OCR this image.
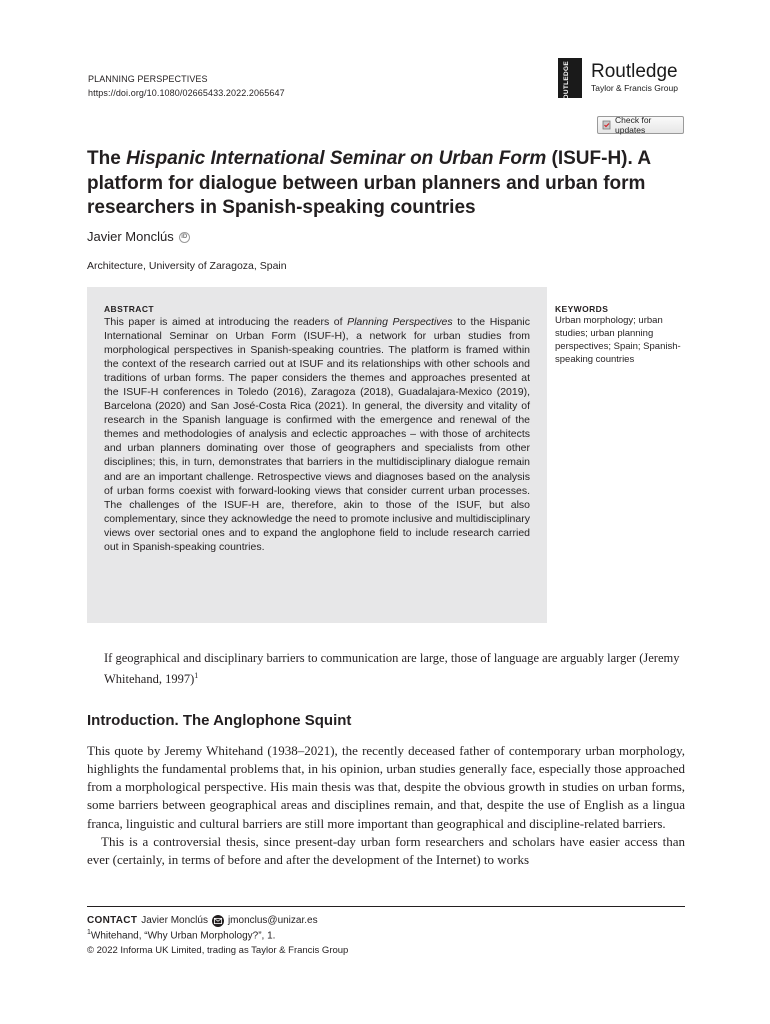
PLANNING PERSPECTIVES
https://doi.org/10.1080/02665433.2022.2065647	ROUTLEDGE Routledge
Taylor & Francis Group
Check for updates
The Hispanic International Seminar on Urban Form (ISUF-H). A platform for dialogue between urban planners and urban form researchers in Spanish-speaking countries
Javier Monclús	iD
Architecture, University of Zaragoza, Spain
ABSTRACT

This paper is aimed at introducing the readers of Planning Perspectives to the Hispanic International Seminar on Urban Form (ISUF-H), a network for urban studies from morphological perspectives in Spanish-speaking countries. The platform is framed within the context of the research carried out at ISUF and its relationships with other schools and traditions of urban forms. The paper considers the themes and approaches presented at the ISUF-H conferences in Toledo (2016), Zaragoza (2018), Guadalajara-Mexico (2019), Barcelona (2020) and San José-Costa Rica (2021). In general, the diversity and vitality of research in the Spanish language is confirmed with the emergence and renewal of the themes and methodologies of analysis and eclectic approaches – with those of architects and urban planners dominating over those of geographers and specialists from other disciplines; this, in turn, demonstrates that barriers in the multidisciplinary dialogue remain and are an important challenge. Retrospective views and diagnoses based on the analysis of urban forms coexist with forward-looking views that consider current urban processes. The challenges of the ISUF-H are, therefore, akin to those of the ISUF, but also complementary, since they acknowledge the need to promote inclusive and multidisciplinary views over sectorial ones and to expand the anglophone field to include research carried out in Spanish-speaking countries.

KEYWORDS

Urban morphology; urban studies; urban planning perspectives; Spain; Spanish-speaking countries

If geographical and disciplinary barriers to communication are large, those of language are arguably larger (Jeremy Whitehand, 1997)$^1$

Introduction. The Anglophone Squint

This quote by Jeremy Whitehand (1938–2021), the recently deceased father of contemporary urban morphology, highlights the fundamental problems that, in his opinion, urban studies generally face, especially those approached from a morphological perspective. His main thesis was that, despite the obvious growth in studies on urban forms, some barriers between geographical areas and disciplines remain, and that, despite the use of English as a lingua franca, linguistic and cultural barriers are still more important than geographical and discipline-related barriers.

This is a controversial thesis, since present-day urban form researchers and scholars have easier access than ever (certainly, in terms of before and after the development of the Internet) to works

CONTACT Javier Monclús jmonclus@unizar.es
$^1$Whitehand, “Why Urban Morphology?”, 1.
© 2022 Informa UK Limited, trading as Taylor & Francis Group
